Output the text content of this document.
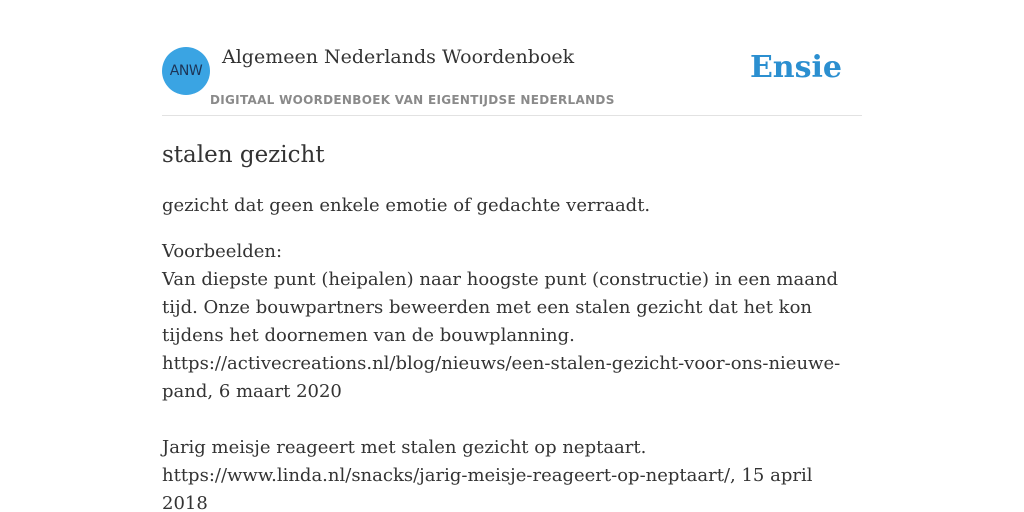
ANW
Algemeen Nederlands Woordenboek
DIGITAAL WOORDENBOEK VAN EIGENTIJDSE NEDERLANDS
Ensie
stalen gezicht

gezicht dat geen enkele emotie of gedachte verraadt.

Voorbeelden:

Van diepste punt (heipalen) naar hoogste punt (constructie) in een maand tijd. Onze bouwpartners beweerden met een stalen gezicht dat het kon tijdens het doornemen van de bouwplanning.

https://activecreations.nl/blog/nieuws/een-stalen-gezicht-voor-ons-nieuwe-pand, 6 maart 2020

Jarig meisje reageert met stalen gezicht op neptaart.

https://www.linda.nl/snacks/jarig-meisje-reageert-op-neptaart/, 15 april 2018
